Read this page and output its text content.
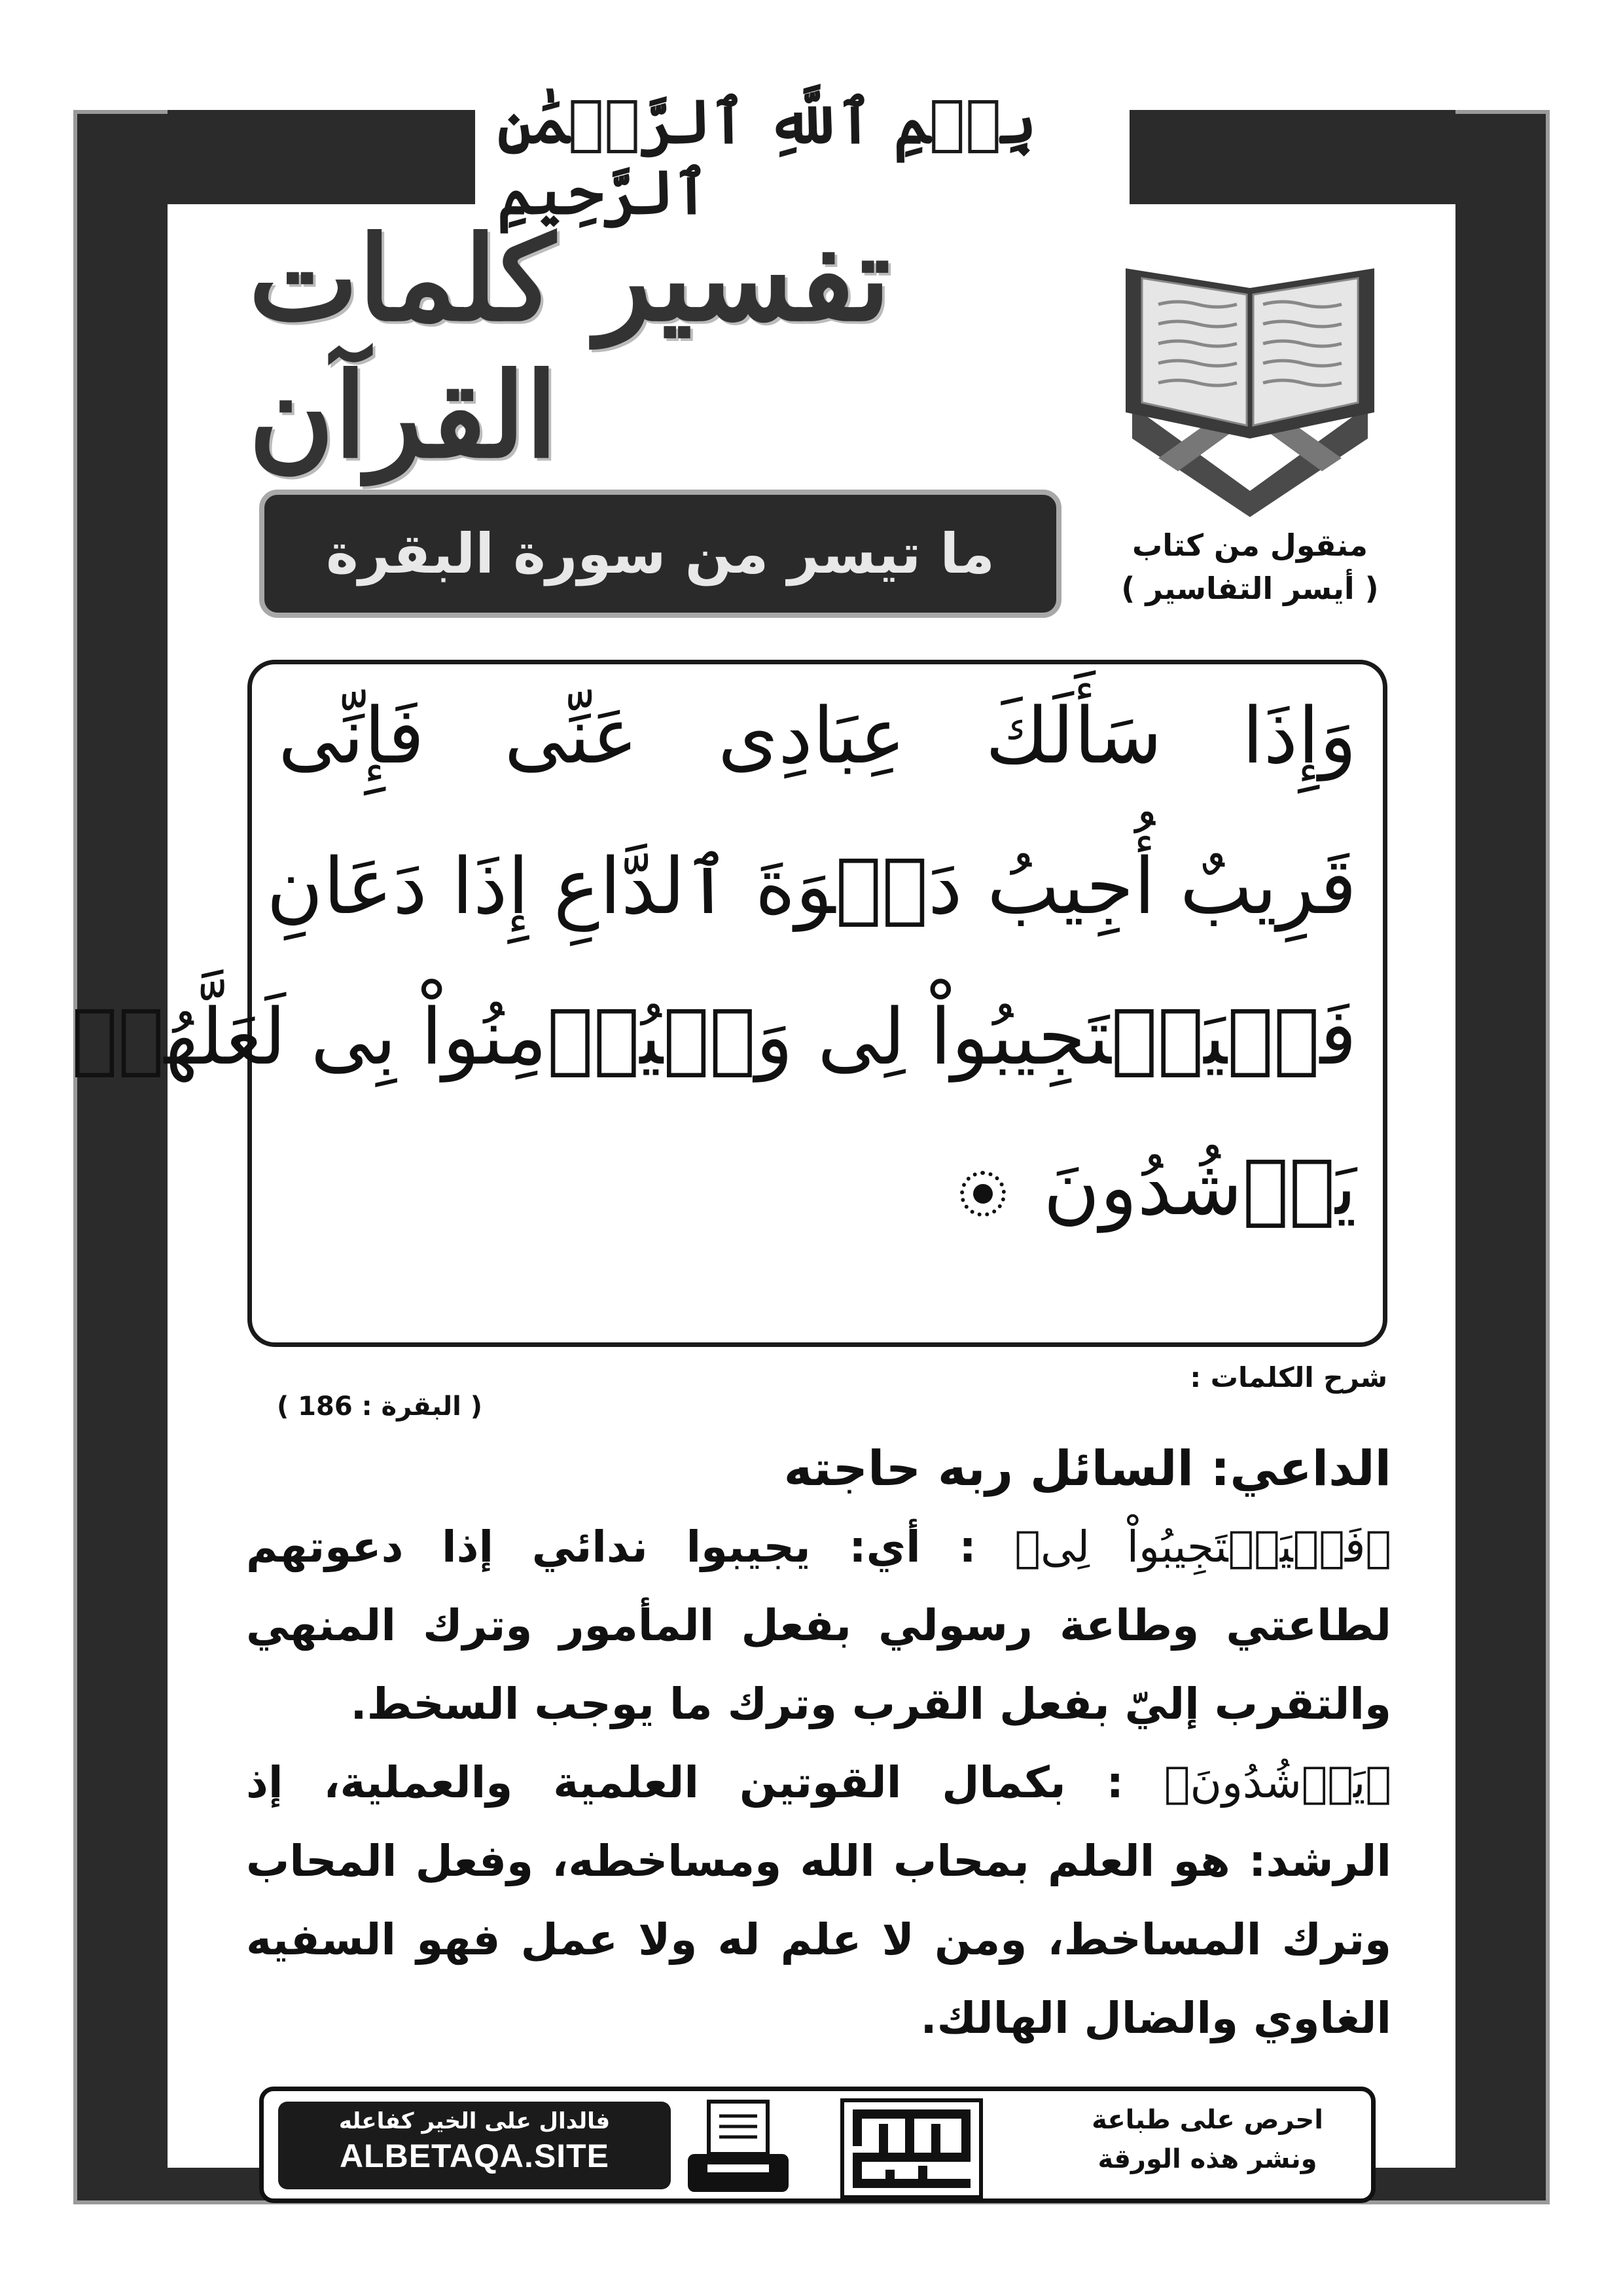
بِسۡمِ ٱللَّهِ ٱلرَّحۡمَٰنِ ٱلرَّحِيمِ
تفسير كلمات القرآن
منقول من كتاب
( أيسر التفاسير )
ما تيسر من سورة البقرة
وَإِذَا سَأَلَكَ عِبَادِى عَنِّى فَإِنِّى
قَرِيبٌ أُجِيبُ دَعۡوَةَ ٱلدَّاعِ إِذَا دَعَانِ
فَلۡيَسۡتَجِيبُواْ لِى وَلۡيُؤۡمِنُواْ بِى لَعَلَّهُمۡ
يَرۡشُدُونَ
شرح الكلمات :
( البقرة : 186 )
الداعي: السائل ربه حاجته
﴿فَلۡيَسۡتَجِيبُواْ لِى﴾ : أي: يجيبوا ندائي إذا دعوتهم
لطاعتي وطاعة رسولي بفعل المأمور وترك المنهي
والتقرب إليّ بفعل القرب وترك ما يوجب السخط.
﴿يَرۡشُدُونَ﴾ : بكمال القوتين العلمية والعملية، إذ
الرشد: هو العلم بمحاب الله ومساخطه، وفعل المحاب
وترك المساخط، ومن لا علم له ولا عمل فهو السفيه
الغاوي والضال الهالك.
احرص على طباعة
ونشر هذه الورقة
فالدال على الخير كفاعله
ALBETAQA.SITE
